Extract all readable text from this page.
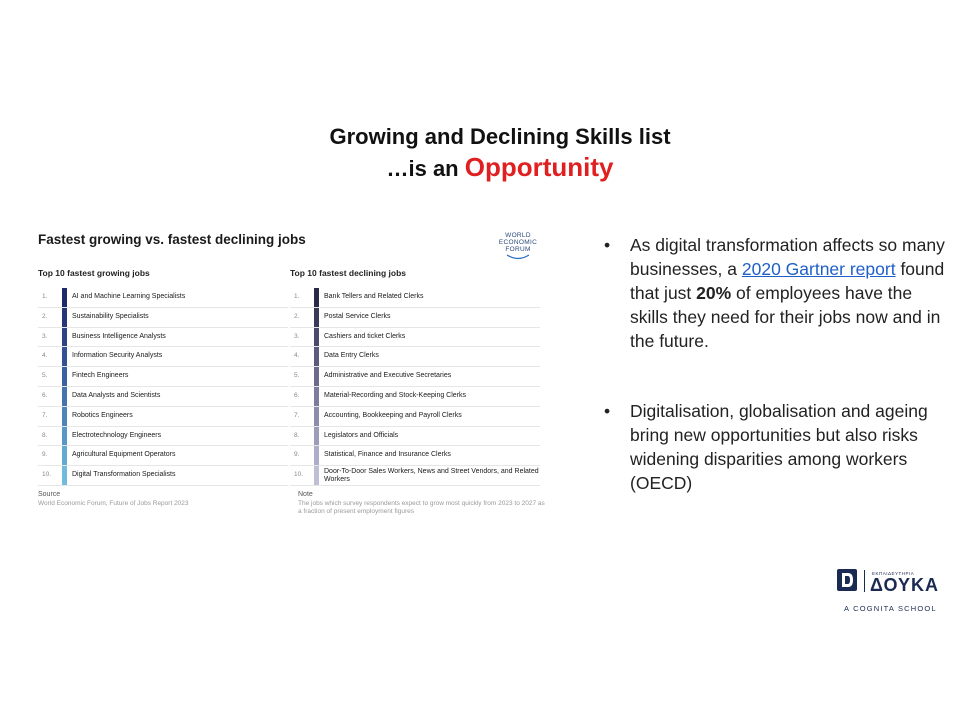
Growing and Declining Skills list
…is an Opportunity
Fastest growing vs. fastest declining jobs	WORLD
ECONOMIC
FORUM
Top 10 fastest growing jobs	Top 10 fastest declining jobs
1.	AI and Machine Learning Specialists
2.	Sustainability Specialists
3.	Business Intelligence Analysts
4.	Information Security Analysts
5.	Fintech Engineers
6.	Data Analysts and Scientists
7.	Robotics Engineers
8.	Electrotechnology Engineers
9.	Agricultural Equipment Operators
10.	Digital Transformation Specialists
1.	Bank Tellers and Related Clerks
2.	Postal Service Clerks
3.	Cashiers and ticket Clerks
4.	Data Entry Clerks
5.	Administrative and Executive Secretaries
6.	Material-Recording and Stock-Keeping Clerks
7.	Accounting, Bookkeeping and Payroll Clerks
8.	Legislators and Officials
9.	Statistical, Finance and Insurance Clerks
10.	Door-To-Door Sales Workers, News and Street Vendors, and Related Workers
Source
World Economic Forum, Future of Jobs Report 2023
Note
The jobs which survey respondents expect to grow most quickly from 2023 to 2027 as a fraction of present employment figures
• As digital transformation affects so many businesses, a 2020 Gartner report found that just 20% of employees have the skills they need for their jobs now and in the future.
• Digitalisation, globalisation and ageing bring new opportunities but also risks widening disparities among workers (OECD)
ΕΚΠΑΙΔΕΥΤΗΡΙΑ
ΔΟΥΚΑ
A COGNITA SCHOOL
